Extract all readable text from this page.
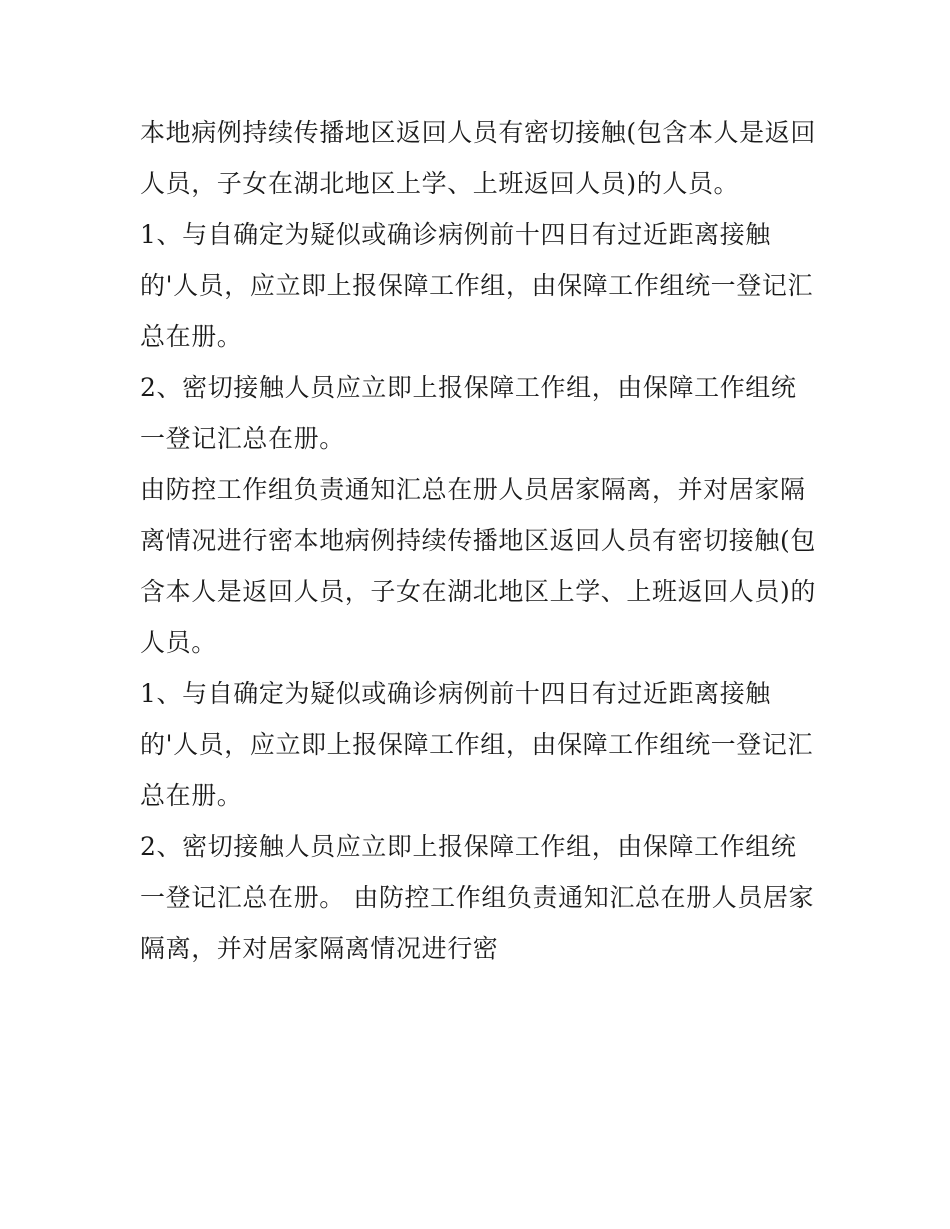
本地病例持续传播地区返回人员有密切接触(包含本人是返回人员，子女在湖北地区上学、上班返回人员)的人员。

1、与自确定为疑似或确诊病例前十四日有过近距离接触的'人员，应立即上报保障工作组，由保障工作组统一登记汇总在册。

2、密切接触人员应立即上报保障工作组，由保障工作组统一登记汇总在册。

由防控工作组负责通知汇总在册人员居家隔离，并对居家隔离情况进行密本地病例持续传播地区返回人员有密切接触(包含本人是返回人员，子女在湖北地区上学、上班返回人员)的人员。

1、与自确定为疑似或确诊病例前十四日有过近距离接触的'人员，应立即上报保障工作组，由保障工作组统一登记汇总在册。

2、密切接触人员应立即上报保障工作组，由保障工作组统一登记汇总在册。 由防控工作组负责通知汇总在册人员居家隔离，并对居家隔离情况进行密
